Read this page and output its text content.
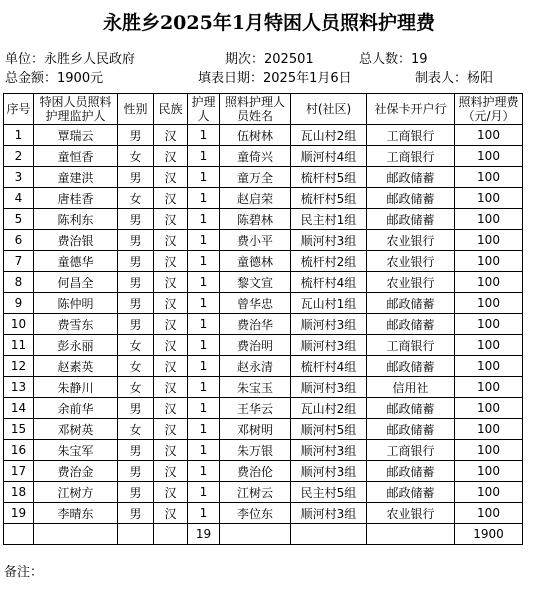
永胜乡2025年1月特困人员照料护理费
单位：永胜乡人民政府	期次：202501	总人数：19
总金额：1900元	填表日期：2025年1月6日	制表人：杨阳
序号	特困人员照料护理监护人	性别	民族	护理人	照料护理人员姓名	村(社区)	社保卡开户行	照料护理费（元/月）
1	覃瑞云	男	汉	1	伍树林	瓦山村2组	工商银行	100
2	童恒香	女	汉	1	童倚兴	顺河村4组	工商银行	100
3	童建洪	男	汉	1	童万全	梳杆村5组	邮政储蓄	100
4	唐桂香	女	汉	1	赵启荣	梳杆村5组	邮政储蓄	100
5	陈利东	男	汉	1	陈碧林	民主村1组	邮政储蓄	100
6	费治银	男	汉	1	费小平	顺河村3组	农业银行	100
7	童德华	男	汉	1	童德林	梳杆村2组	农业银行	100
8	何昌全	男	汉	1	黎文宣	梳杆村4组	农业银行	100
9	陈仲明	男	汉	1	曾华忠	瓦山村1组	邮政储蓄	100
10	费雪东	男	汉	1	费治华	顺河村3组	邮政储蓄	100
11	彭永丽	女	汉	1	费治明	顺河村3组	工商银行	100
12	赵素英	女	汉	1	赵永清	梳杆村4组	邮政储蓄	100
13	朱静川	女	汉	1	朱宝玉	顺河村3组	信用社	100
14	余前华	男	汉	1	王华云	瓦山村2组	邮政储蓄	100
15	邓树英	女	汉	1	邓树明	顺河村5组	邮政储蓄	100
16	朱宝军	男	汉	1	朱万银	顺河村3组	工商银行	100
17	费治金	男	汉	1	费治伦	顺河村3组	邮政储蓄	100
18	江树方	男	汉	1	江树云	民主村5组	邮政储蓄	100
19	李晴东	男	汉	1	李位东	顺河村3组	农业银行	100
				19				1900
备注：
